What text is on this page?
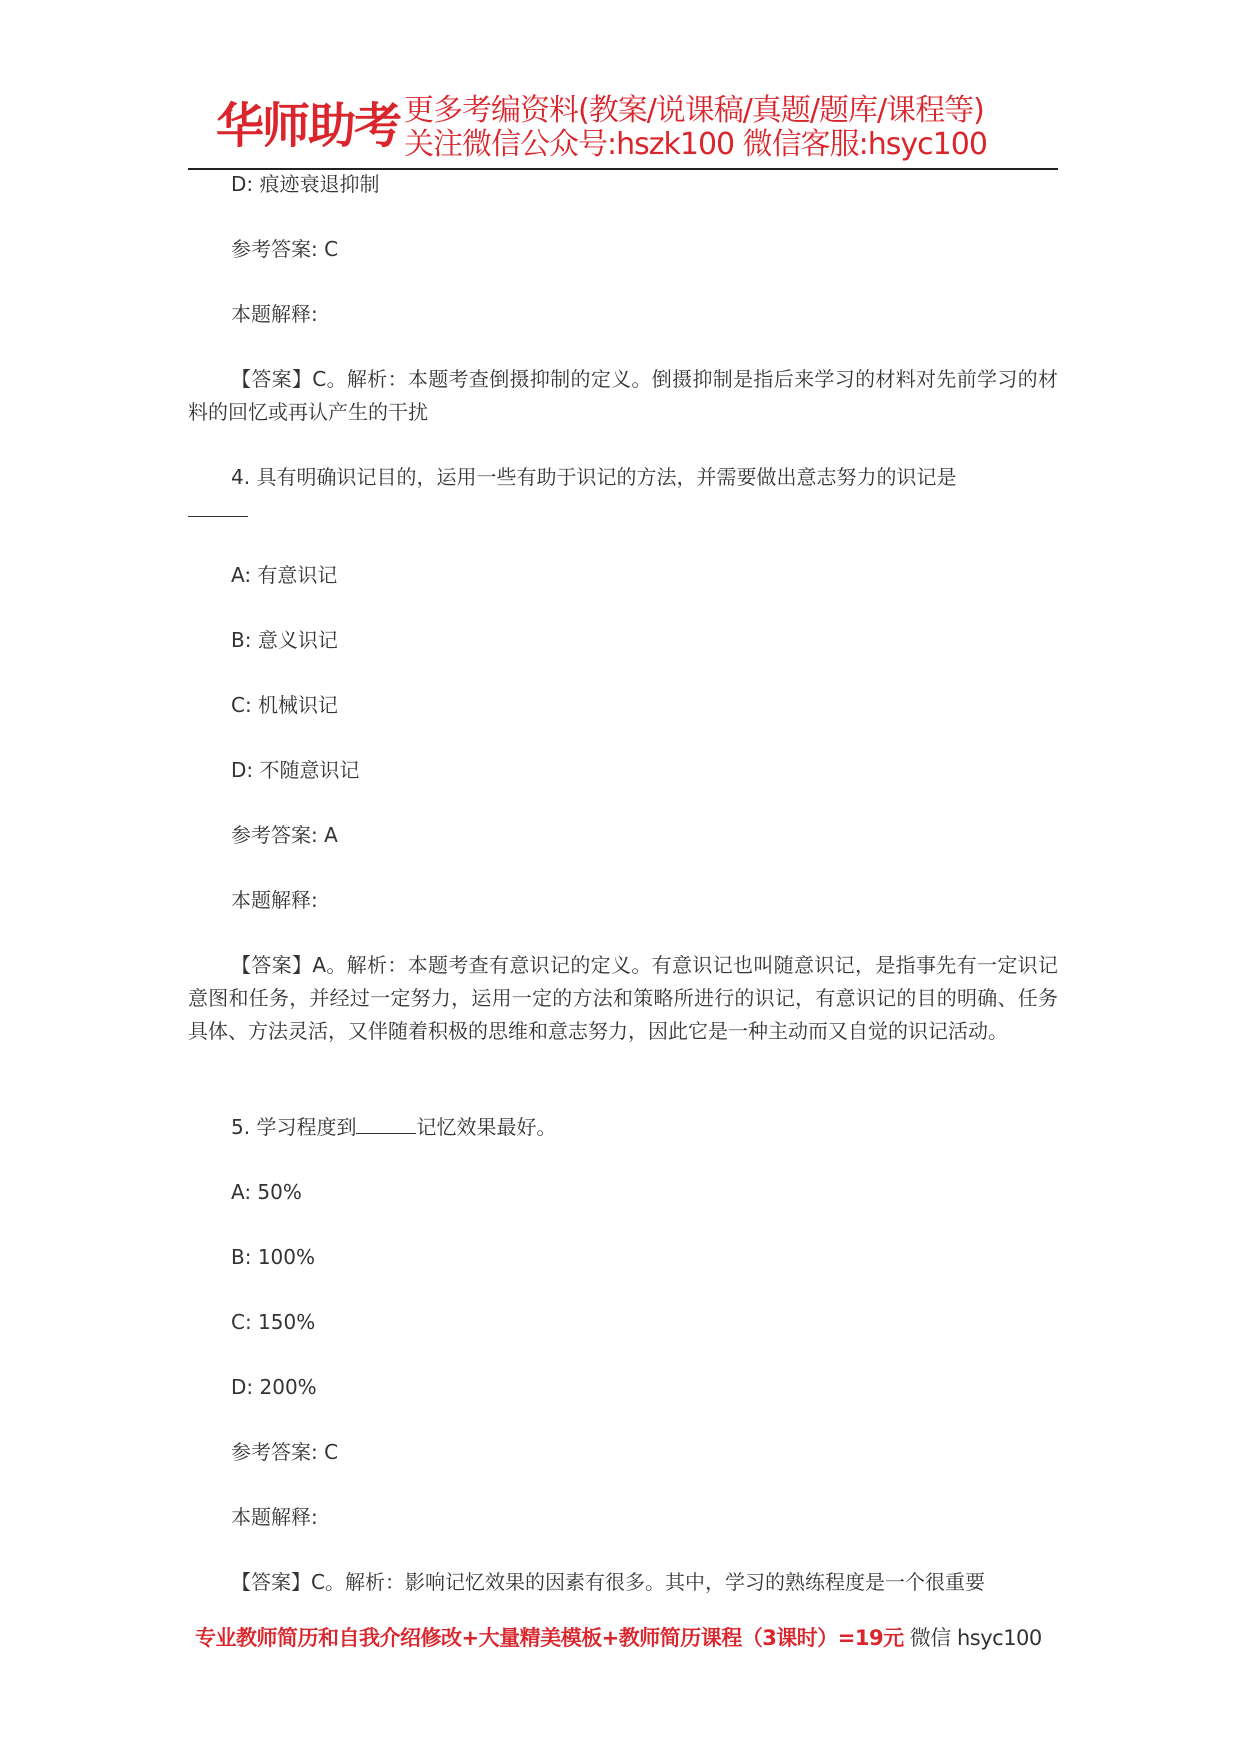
华师助考 更多考编资料(教案/说课稿/真题/题库/课程等)
关注微信公众号:hszk100 微信客服:hsyc100

D: 痕迹衰退抑制

参考答案: C

本题解释:

【答案】C。解析：本题考查倒摄抑制的定义。倒摄抑制是指后来学习的材料对先前学习的材料的回忆或再认产生的干扰

4. 具有明确识记目的，运用一些有助于识记的方法，并需要做出意志努力的识记是

A: 有意识记

B: 意义识记

C: 机械识记

D: 不随意识记

参考答案: A

本题解释:

【答案】A。解析：本题考查有意识记的定义。有意识记也叫随意识记，是指事先有一定识记意图和任务，并经过一定努力，运用一定的方法和策略所进行的识记，有意识记的目的明确、任务具体、方法灵活，又伴随着积极的思维和意志努力，因此它是一种主动而又自觉的识记活动。

5. 学习程度到	记忆效果最好。

A: 50%

B: 100%

C: 150%

D: 200%

参考答案: C

本题解释:

【答案】C。解析：影响记忆效果的因素有很多。其中，学习的熟练程度是一个很重要

专业教师简历和自我介绍修改+大量精美模板+教师简历课程（3课时）=19元 微信 hsyc100
